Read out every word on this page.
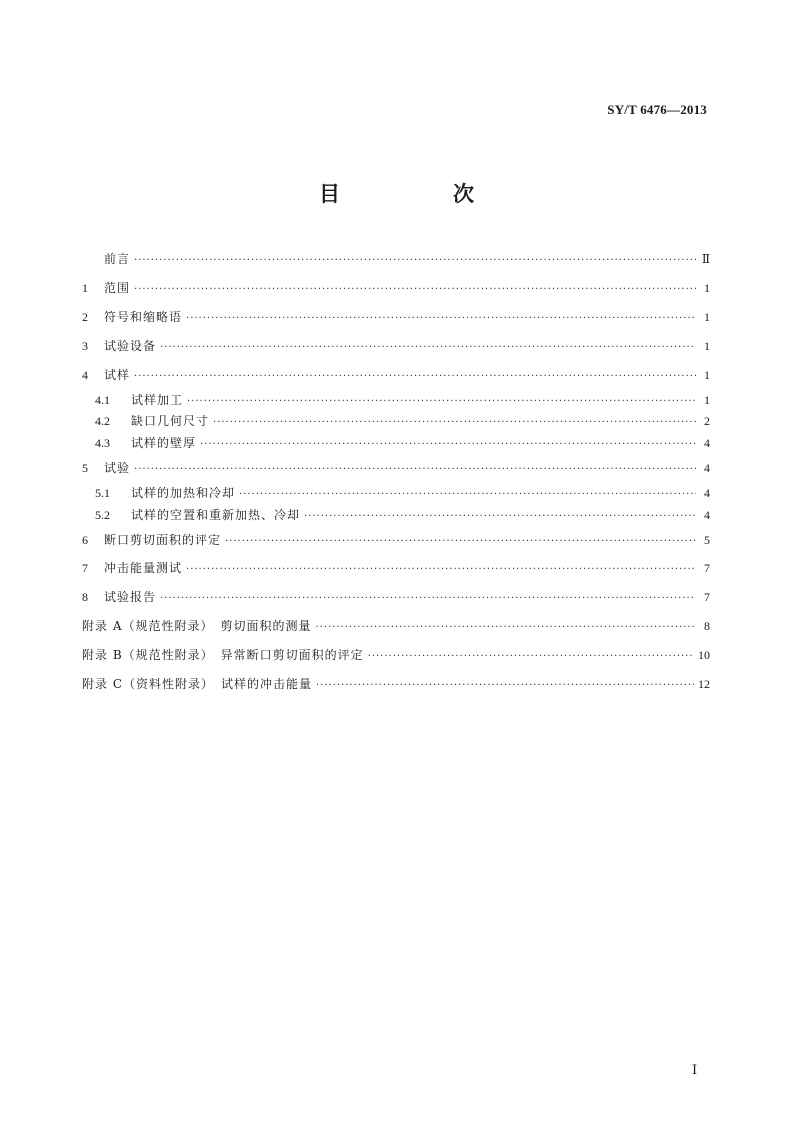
SY/T 6476—2013
目　次
前言 ·····	Ⅱ
1	范围 ·····	1
2	符号和缩略语 ·····	1
3	试验设备 ·····	1
4	试样 ·····	1
4.1	试样加工 ·····	1
4.2	缺口几何尺寸 ·····	2
4.3	试样的壁厚 ·····	4
5	试验 ·····	4
5.1	试样的加热和冷却 ·····	4
5.2	试样的空置和重新加热、冷却 ·····	4
6	断口剪切面积的评定 ·····	5
7	冲击能量测试 ·····	7
8	试验报告 ·····	7
附录 A（规范性附录）　剪切面积的测量 ·····	8
附录 B（规范性附录）　异常断口剪切面积的评定 ·····	10
附录 C（资料性附录）　试样的冲击能量 ·····	12
Ⅰ
